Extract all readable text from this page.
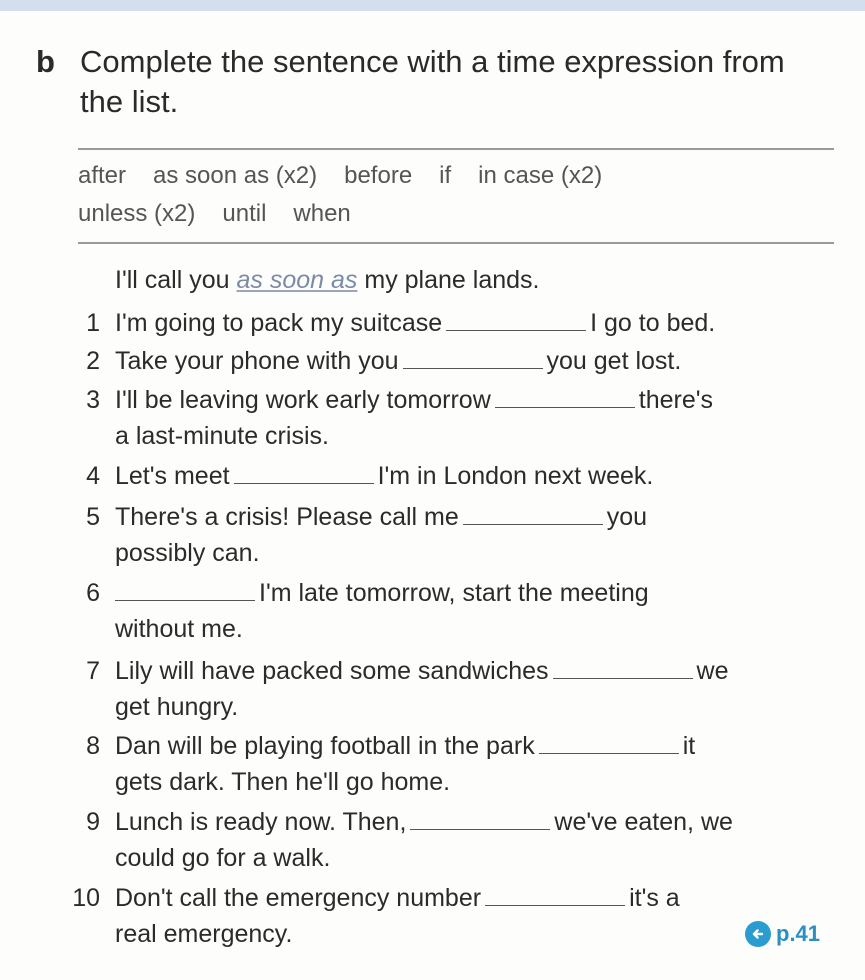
b Complete the sentence with a time expression from the list.
after as soon as (x2) before if in case (x2)
unless (x2) until when
I'll call you as soon as my plane lands.
1 I'm going to pack my suitcase	I go to bed.
2 Take your phone with you	you get lost.
3 I'll be leaving work early tomorrow	there's
a last-minute crisis.
4 Let's meet	I'm in London next week.
5 There's a crisis! Please call me	you
possibly can.
6	I'm late tomorrow, start the meeting
without me.
7 Lily will have packed some sandwiches	we
get hungry.
8 Dan will be playing football in the park	it
gets dark. Then he'll go home.
9 Lunch is ready now. Then,	we've eaten, we
could go for a walk.
10 Don't call the emergency number	it's a
real emergency.	p.41
